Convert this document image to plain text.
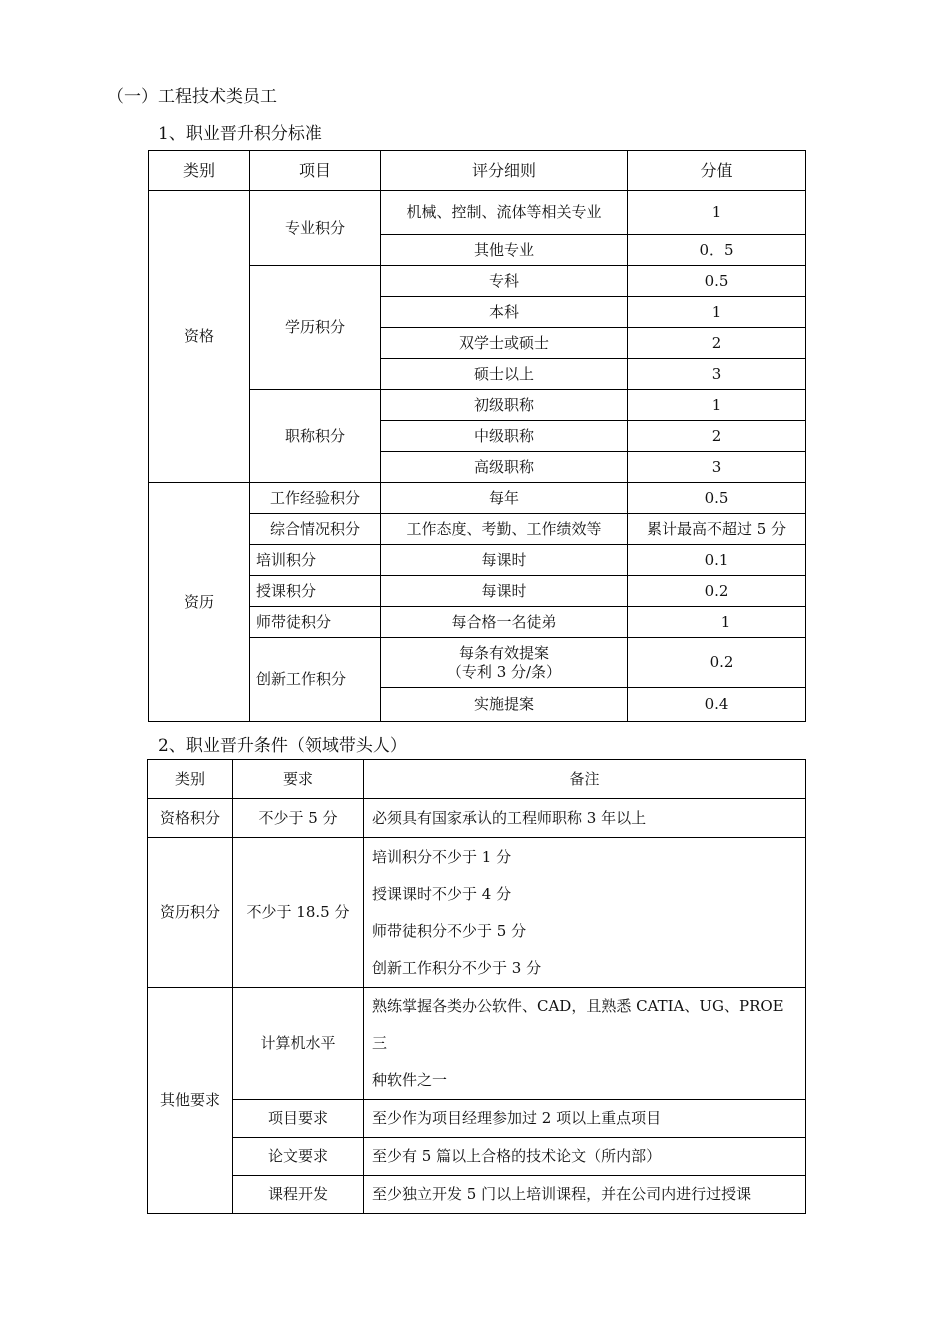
（一）工程技术类员工
1、职业晋升积分标准
类别	项目	评分细则	分值
资格	专业积分	机械、控制、流体等相关专业	1
		其他专业	0．5
	学历积分	专科	0.5
		本科	1
		双学士或硕士	2
		硕士以上	3
	职称积分	初级职称	1
		中级职称	2
		高级职称	3
资历	工作经验积分	每年	0.5
	综合情况积分	工作态度、考勤、工作绩效等	累计最高不超过 5 分
	培训积分	每课时	0.1
	授课积分	每课时	0.2
	师带徒积分	每合格一名徒弟	1
	创新工作积分	每条有效提案
（专利 3 分/条）	0.2
		实施提案	0.4
2、职业晋升条件（领域带头人）
类别	要求	备注
资格积分	不少于 5 分	必须具有国家承认的工程师职称 3 年以上
资历积分	不少于 18.5 分	培训积分不少于 1 分
授课课时不少于 4 分
师带徒积分不少于 5 分
创新工作积分不少于 3 分

其他要求	计算机水平	熟练掌握各类办公软件、CAD，且熟悉 CATIA、UG、PROE 三
种软件之一

	项目要求	至少作为项目经理参加过 2 项以上重点项目
	论文要求	至少有 5 篇以上合格的技术论文（所内部）
	课程开发	至少独立开发 5 门以上培训课程，并在公司内进行过授课
